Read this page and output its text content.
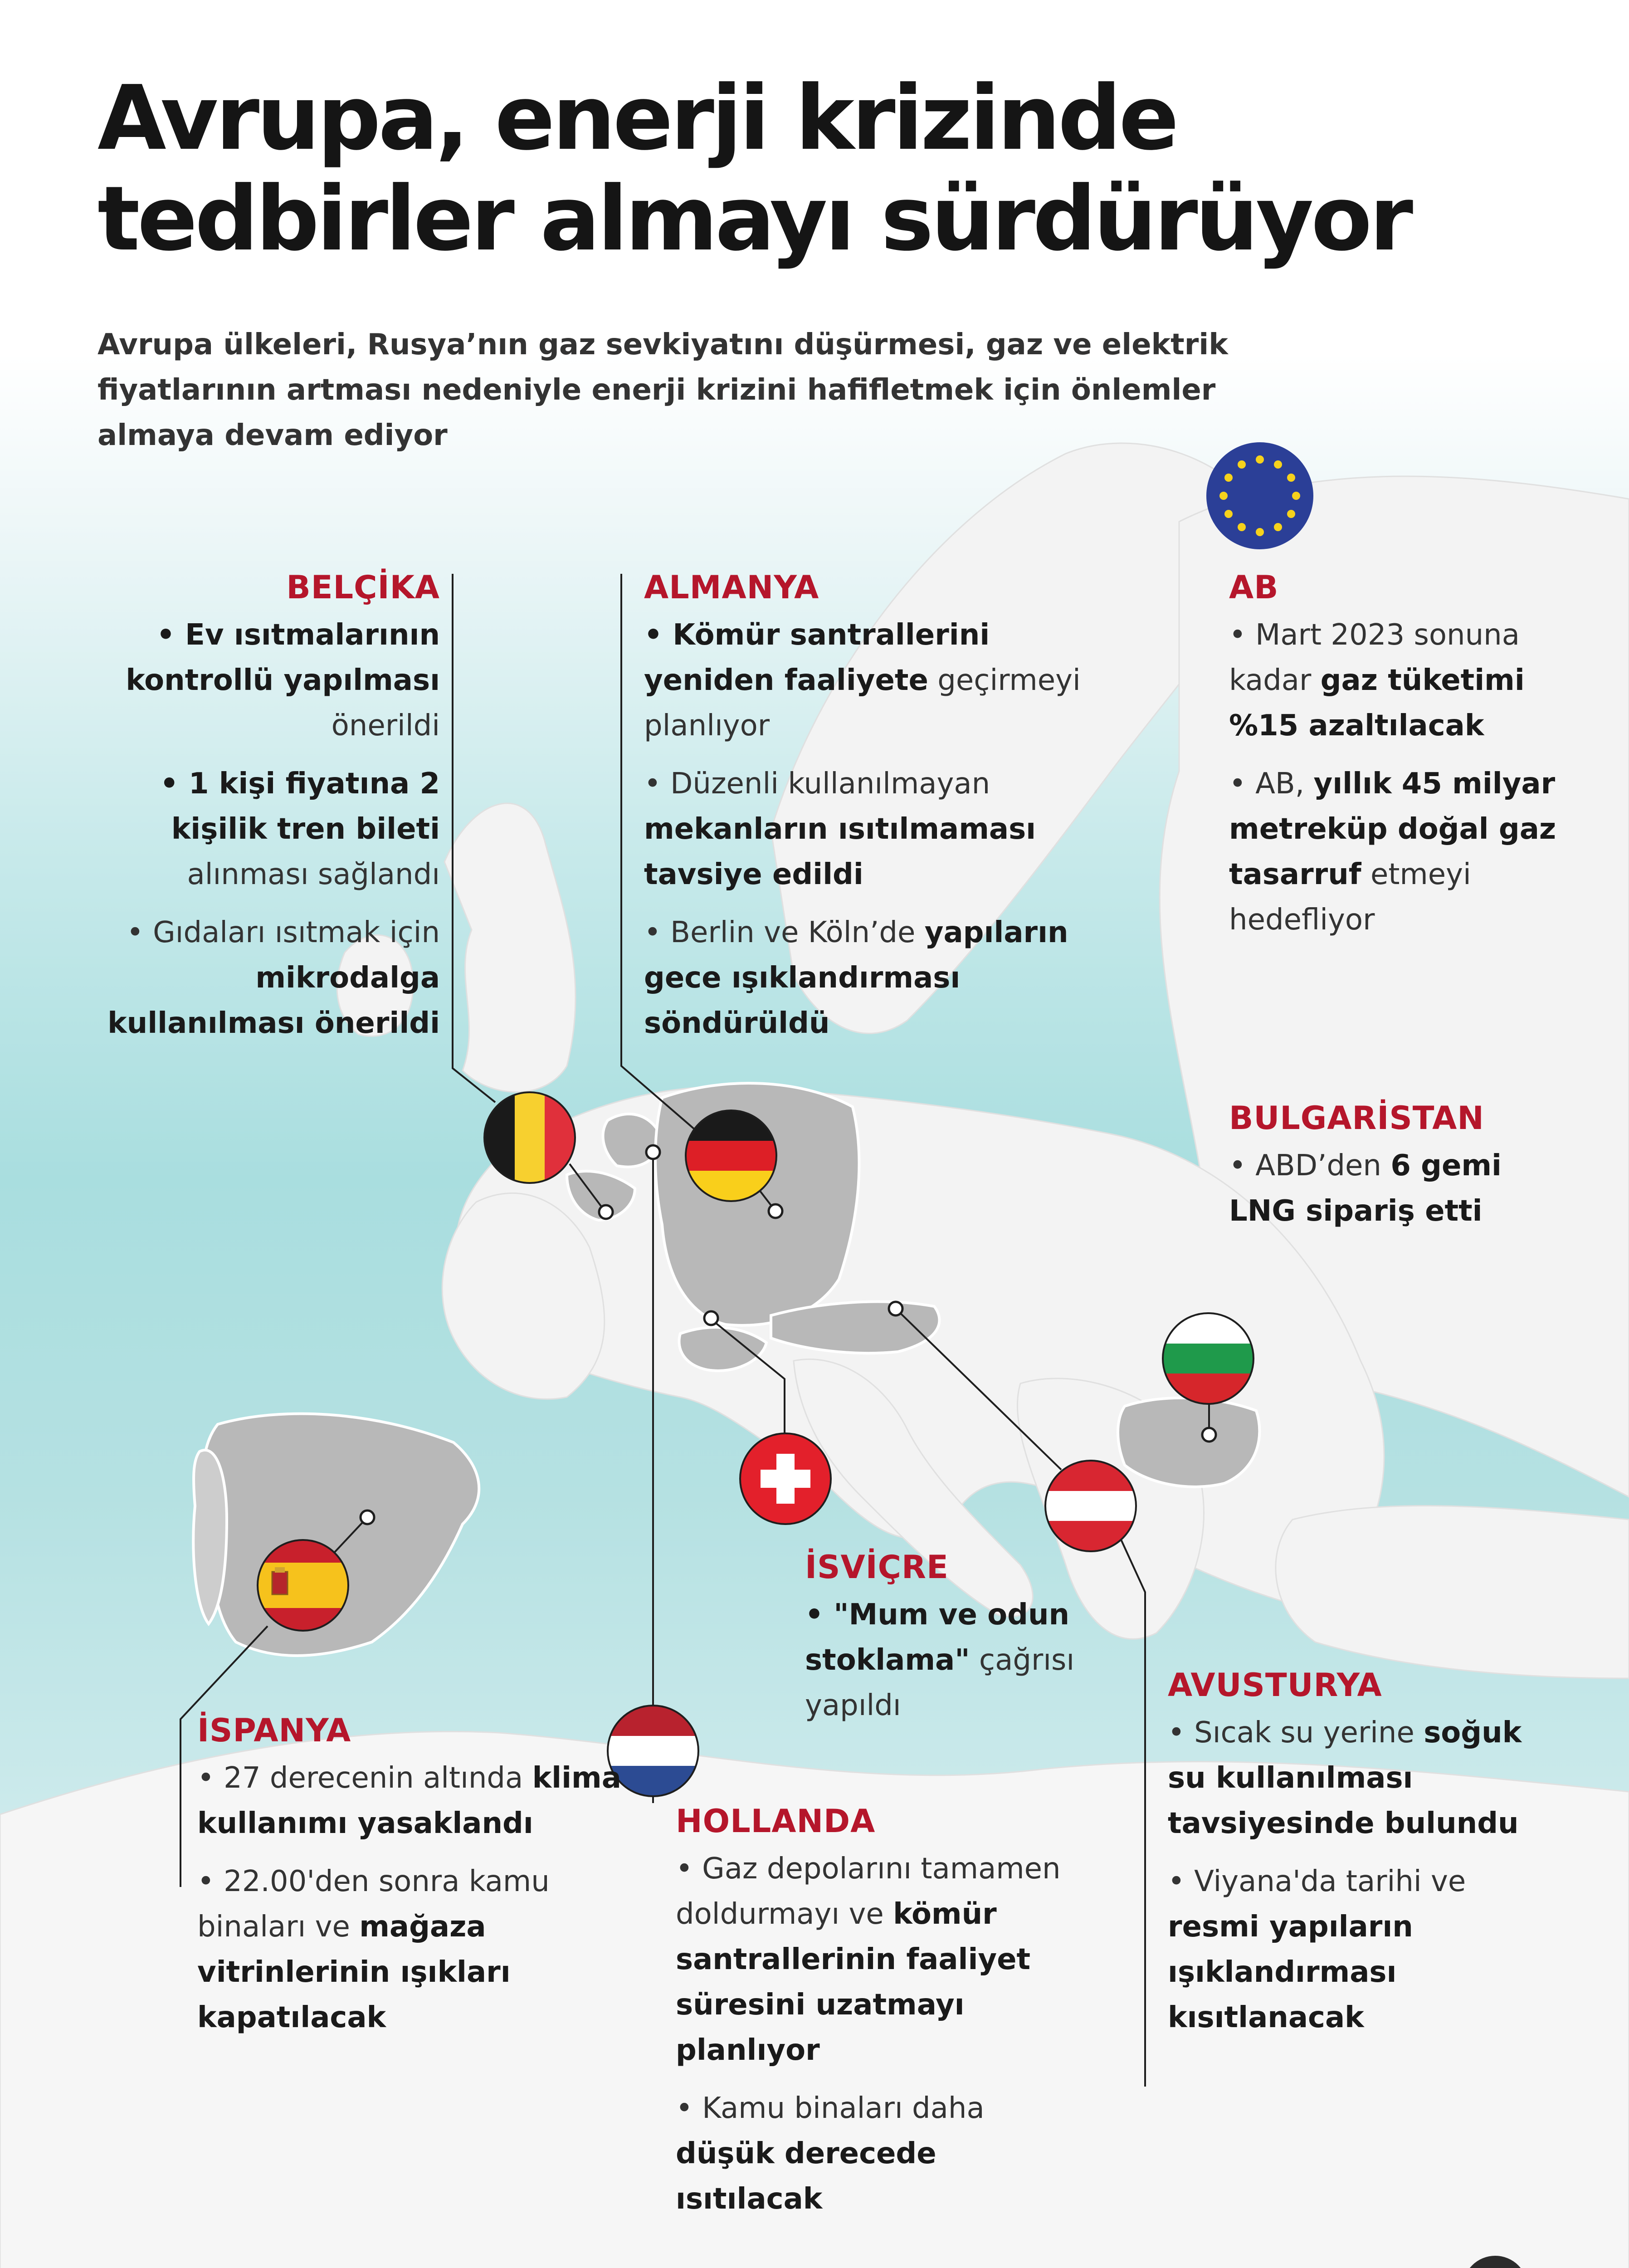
Avrupa, enerji krizinde
tedbirler almayı sürdürüyor

Avrupa ülkeleri, Rusya’nın gaz sevkiyatını düşürmesi, gaz ve elektrik fiyatlarının artması nedeniyle enerji krizini hafifletmek için önlemler almaya devam ediyor

BELÇİKA
• Ev ısıtmalarının kontrollü yapılması önerildi
• 1 kişi fiyatına 2 kişilik tren bileti alınması sağlandı
• Gıdaları ısıtmak için mikrodalga kullanılması önerildi
ALMANYA
• Kömür santrallerini yeniden faaliyete geçirmeyi planlıyor
• Düzenli kullanılmayan mekanların ısıtılmaması tavsiye edildi
• Berlin ve Köln’de yapıların gece ışıklandırması söndürüldü
AB
• Mart 2023 sonuna kadar gaz tüketimi %15 azaltılacak
• AB, yıllık 45 milyar metreküp doğal gaz tasarruf etmeyi hedefliyor
BULGARİSTAN
• ABD’den 6 gemi LNG sipariş etti
İSVİÇRE
• "Mum ve odun stoklama" çağrısı yapıldı
İSPANYA
• 27 derecenin altında klima kullanımı yasaklandı
• 22.00'den sonra kamu binaları ve mağaza vitrinlerinin ışıkları kapatılacak
HOLLANDA
• Gaz depolarını tamamen doldurmayı ve kömür santrallerinin faaliyet süresini uzatmayı planlıyor
• Kamu binaları daha düşük derecede ısıtılacak
AVUSTURYA
• Sıcak su yerine soğuk su kullanılması tavsiyesinde bulundu
• Viyana'da tarihi ve resmi yapıların ışıklandırması kısıtlanacak
